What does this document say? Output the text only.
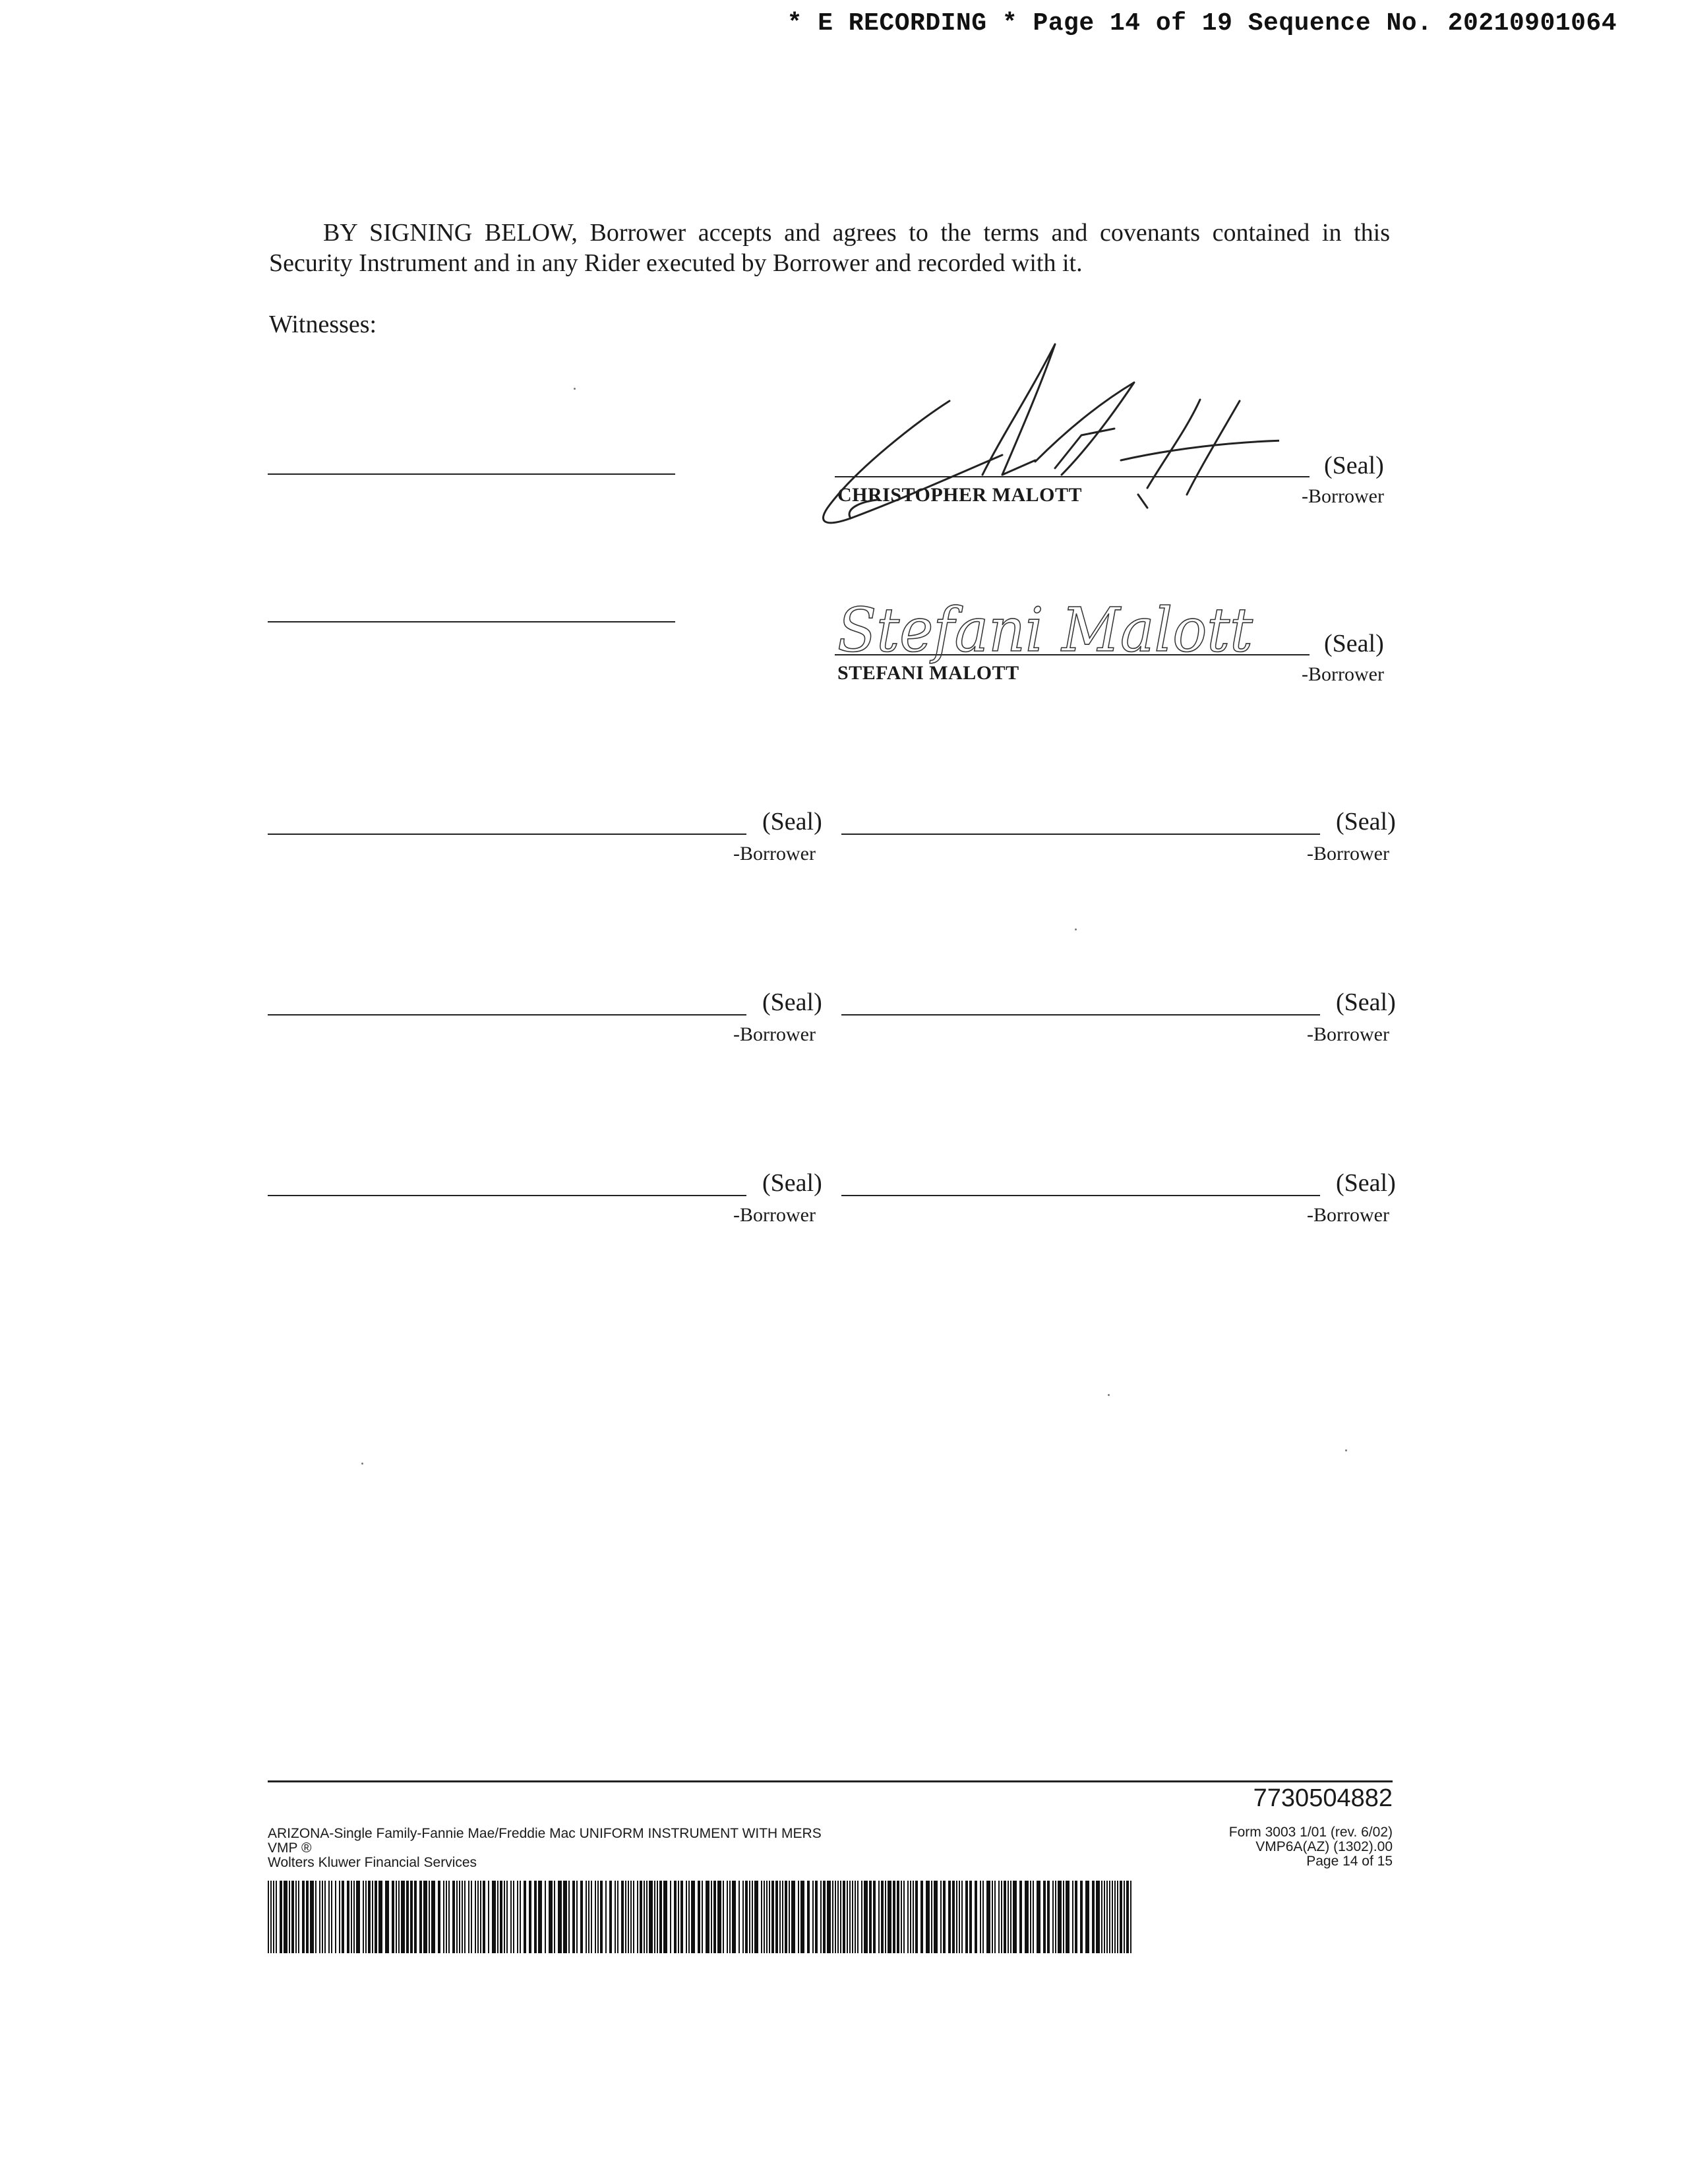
* E RECORDING * Page 14 of 19 Sequence No. 20210901064
BY SIGNING BELOW, Borrower accepts and agrees to the terms and covenants contained in this Security Instrument and in any Rider executed by Borrower and recorded with it.
Witnesses:
(Seal)
CHRISTOPHER MALOTT	-Borrower
(Seal)
STEFANI MALOTT	-Borrower
Stefani Malott
(Seal)
-Borrower
(Seal)
-Borrower
(Seal)
-Borrower
(Seal)
-Borrower
(Seal)
-Borrower
(Seal)
-Borrower
7730504882
ARIZONA-Single Family-Fannie Mae/Freddie Mac UNIFORM INSTRUMENT WITH MERS
VMP ®
Wolters Kluwer Financial Services
Form 3003 1/01 (rev. 6/02)
VMP6A(AZ) (1302).00
Page 14 of 15
